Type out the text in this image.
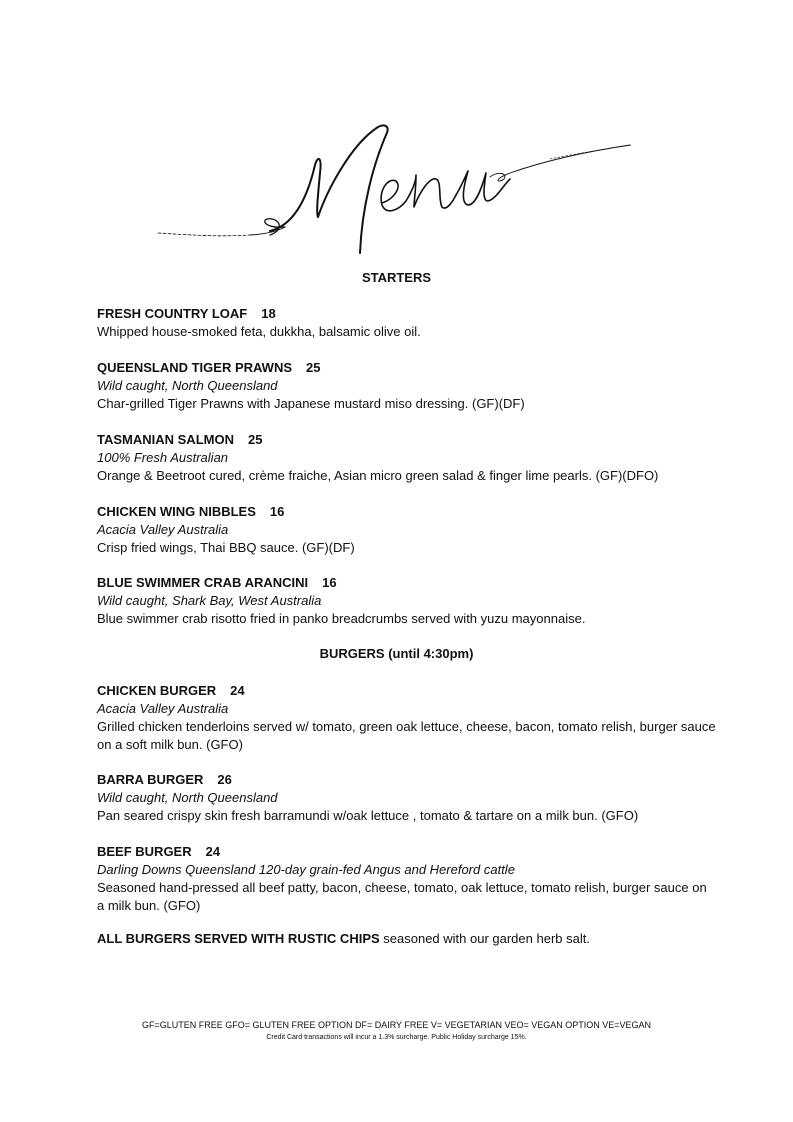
Menu
STARTERS
FRESH COUNTRY LOAF 18
Whipped house-smoked feta, dukkha, balsamic olive oil.
QUEENSLAND TIGER PRAWNS 25
Wild caught, North Queensland
Char-grilled Tiger Prawns with Japanese mustard miso dressing. (GF)(DF)
TASMANIAN SALMON 25
100% Fresh Australian
Orange & Beetroot cured, crème fraiche, Asian micro green salad & finger lime pearls. (GF)(DFO)
CHICKEN WING NIBBLES 16
Acacia Valley Australia
Crisp fried wings, Thai BBQ sauce. (GF)(DF)
BLUE SWIMMER CRAB ARANCINI 16
Wild caught, Shark Bay, West Australia
Blue swimmer crab risotto fried in panko breadcrumbs served with yuzu mayonnaise.
BURGERS (until 4:30pm)
CHICKEN BURGER 24
Acacia Valley Australia
Grilled chicken tenderloins served w/ tomato, green oak lettuce, cheese, bacon, tomato relish, burger sauce on a soft milk bun. (GFO)
BARRA BURGER 26
Wild caught, North Queensland
Pan seared crispy skin fresh barramundi w/oak lettuce , tomato & tartare on a milk bun. (GFO)
BEEF BURGER 24
Darling Downs Queensland 120-day grain-fed Angus and Hereford cattle
Seasoned hand-pressed all beef patty, bacon, cheese, tomato, oak lettuce, tomato relish, burger sauce on a milk bun. (GFO)
ALL BURGERS SERVED WITH RUSTIC CHIPS seasoned with our garden herb salt.
GF=GLUTEN FREE GFO= GLUTEN FREE OPTION DF= DAIRY FREE V= VEGETARIAN VEO= VEGAN OPTION VE=VEGAN
Credit Card transactions will incur a 1.3% surcharge. Public Holiday surcharge 15%.
